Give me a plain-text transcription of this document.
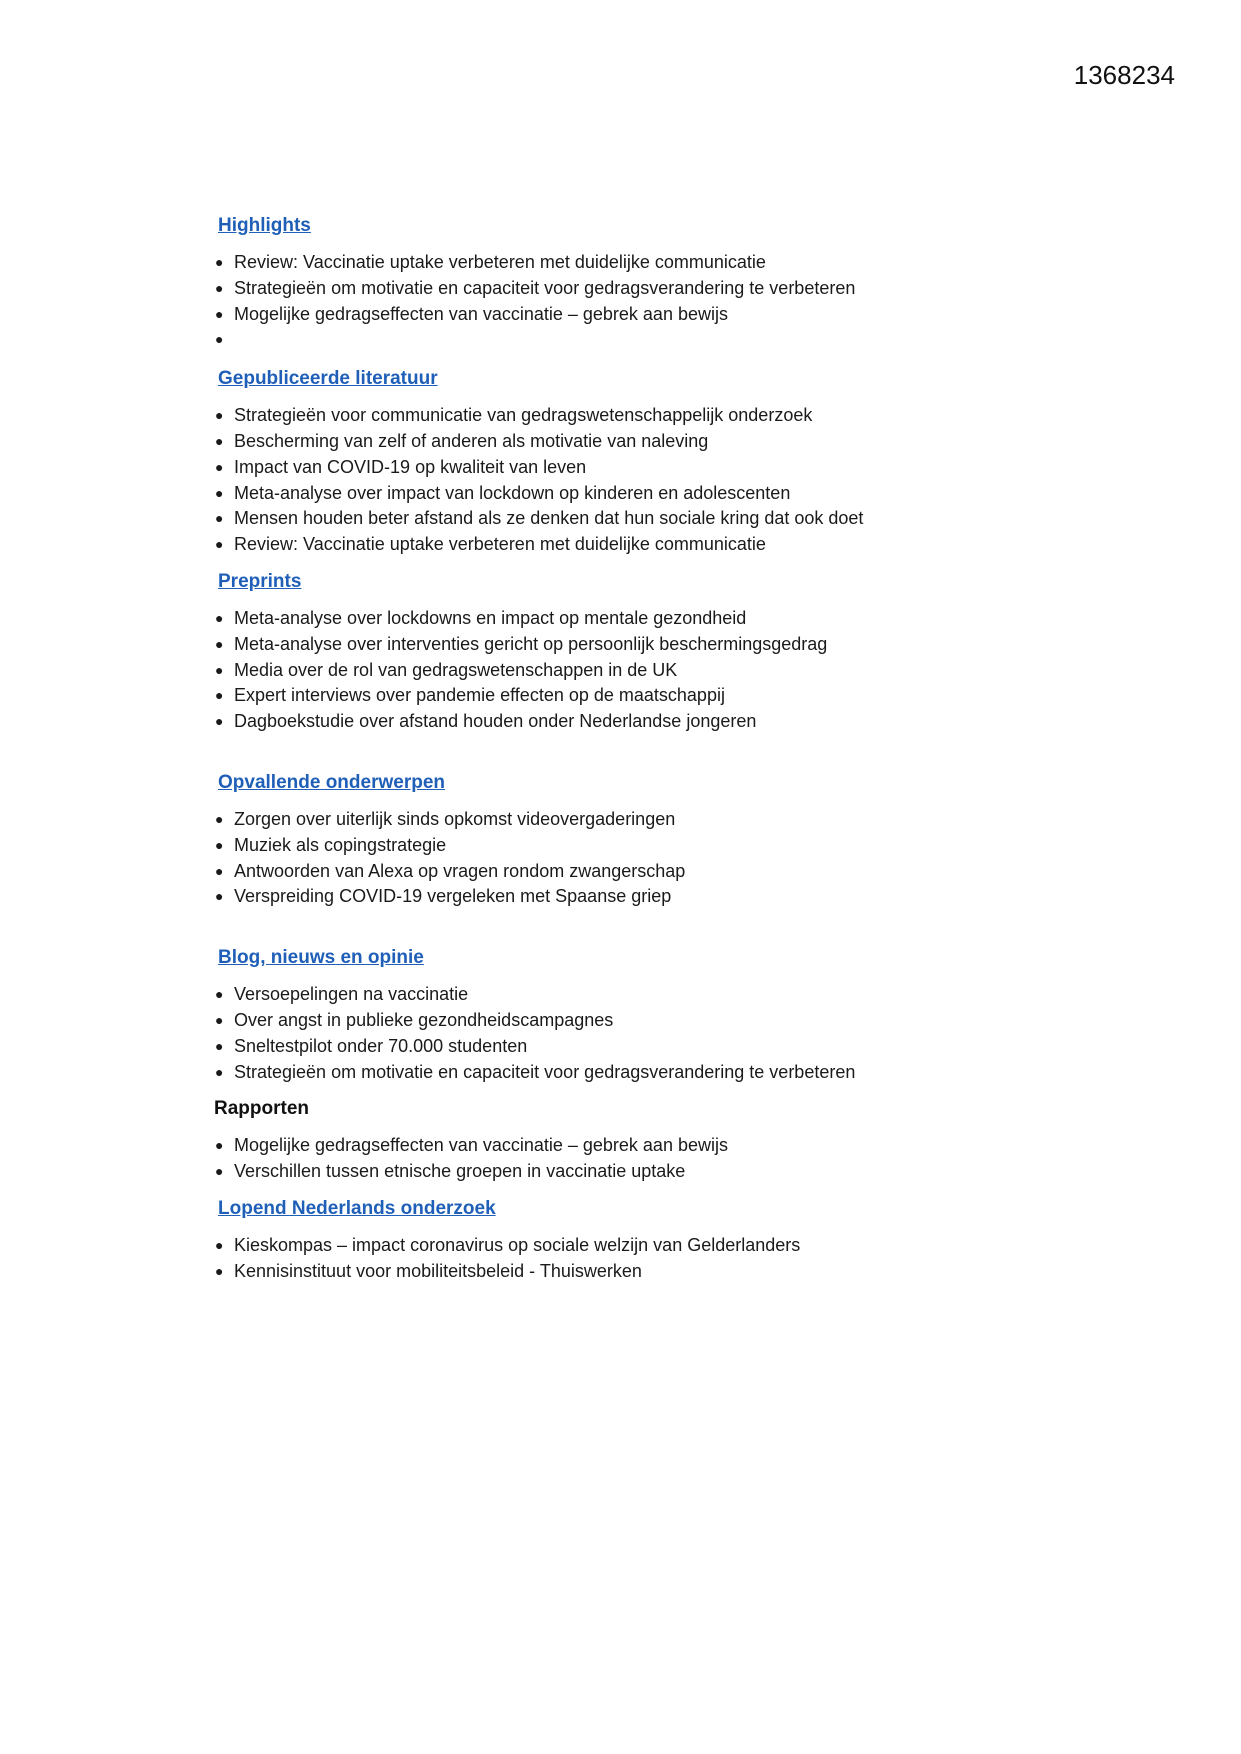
1368234
Highlights
● Review: Vaccinatie uptake verbeteren met duidelijke communicatie
● Strategieën om motivatie en capaciteit voor gedragsverandering te verbeteren
● Mogelijke gedragseffecten van vaccinatie – gebrek aan bewijs
●
Gepubliceerde literatuur
● Strategieën voor communicatie van gedragswetenschappelijk onderzoek
● Bescherming van zelf of anderen als motivatie van naleving
● Impact van COVID-19 op kwaliteit van leven
● Meta-analyse over impact van lockdown op kinderen en adolescenten
● Mensen houden beter afstand als ze denken dat hun sociale kring dat ook doet
● Review: Vaccinatie uptake verbeteren met duidelijke communicatie
Preprints
● Meta-analyse over lockdowns en impact op mentale gezondheid
● Meta-analyse over interventies gericht op persoonlijk beschermingsgedrag
● Media over de rol van gedragswetenschappen in de UK
● Expert interviews over pandemie effecten op de maatschappij
● Dagboekstudie over afstand houden onder Nederlandse jongeren
Opvallende onderwerpen
● Zorgen over uiterlijk sinds opkomst videovergaderingen
● Muziek als copingstrategie
● Antwoorden van Alexa op vragen rondom zwangerschap
● Verspreiding COVID-19 vergeleken met Spaanse griep
Blog, nieuws en opinie
● Versoepelingen na vaccinatie
● Over angst in publieke gezondheidscampagnes
● Sneltestpilot onder 70.000 studenten
● Strategieën om motivatie en capaciteit voor gedragsverandering te verbeteren
Rapporten
● Mogelijke gedragseffecten van vaccinatie – gebrek aan bewijs
● Verschillen tussen etnische groepen in vaccinatie uptake
Lopend Nederlands onderzoek
● Kieskompas – impact coronavirus op sociale welzijn van Gelderlanders
● Kennisinstituut voor mobiliteitsbeleid - Thuiswerken
